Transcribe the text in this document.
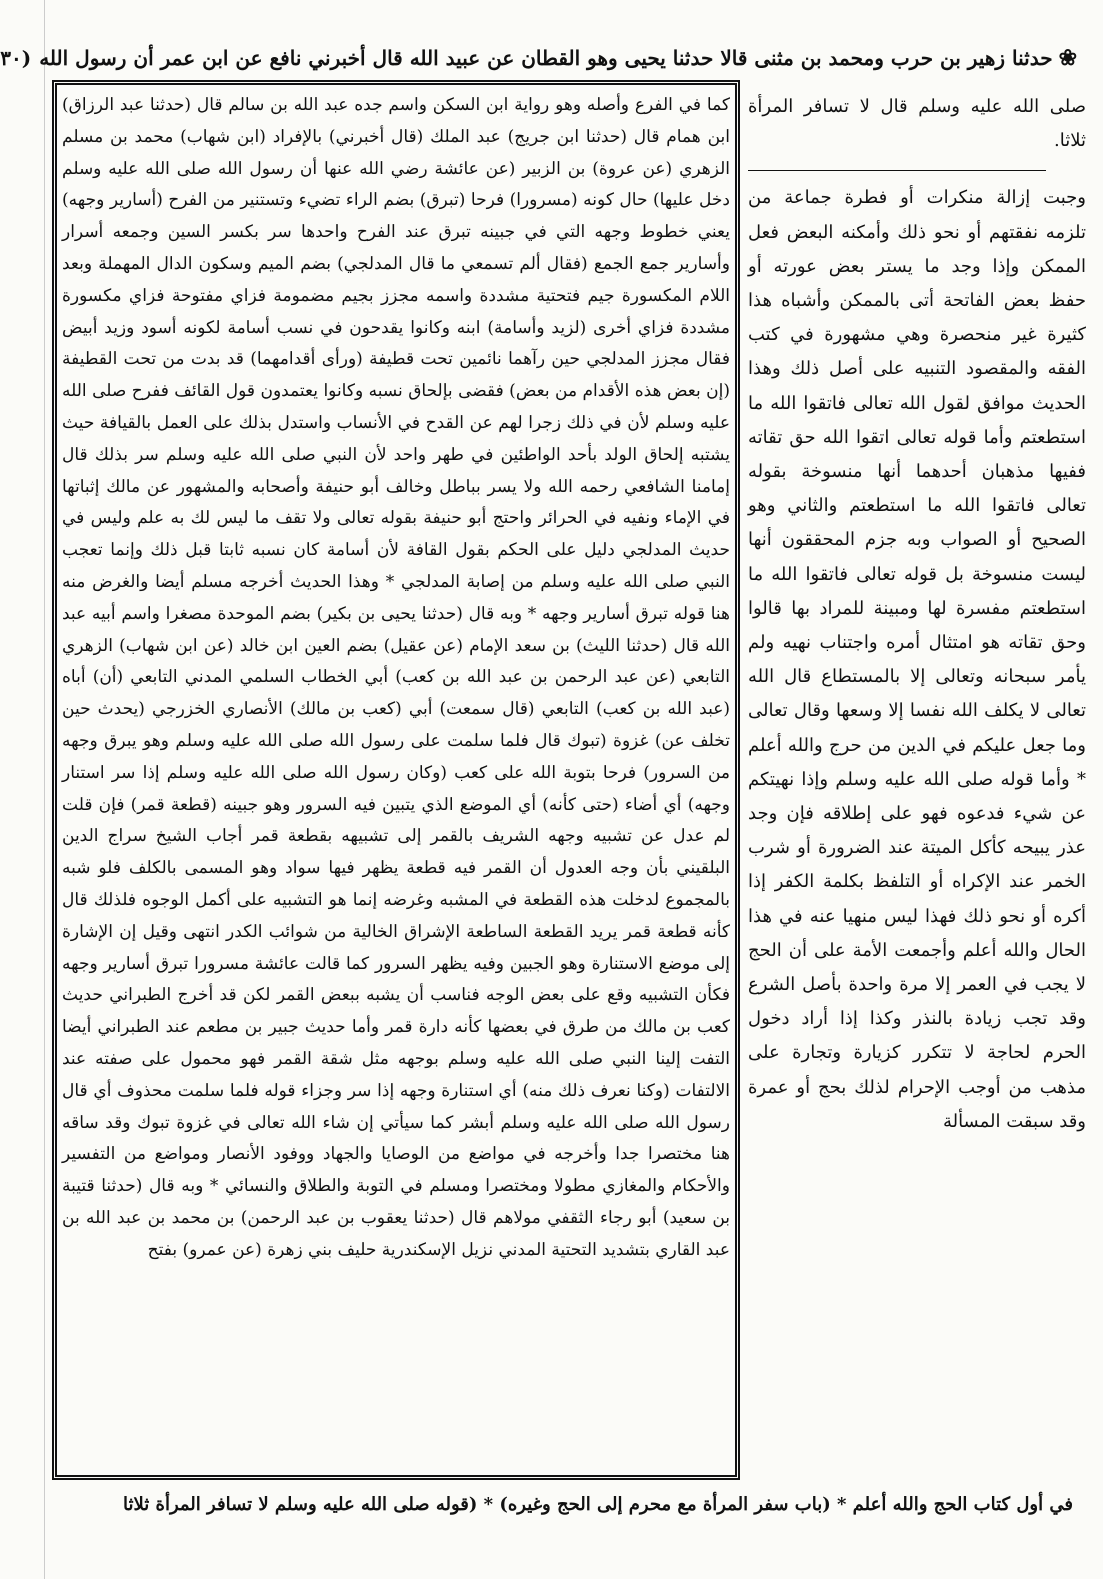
❀
حدثنا زهير بن حرب ومحمد بن مثنى قالا حدثنا يحيى وهو القطان عن عبيد الله قال أخبرني نافع عن ابن عمر أن رسول الله
(٣٠
كما في الفرع وأصله وهو رواية ابن السكن واسم جده عبد الله بن سالم قال (حدثنا عبد الرزاق) ابن همام قال (حدثنا ابن جريج) عبد الملك (قال أخبرني) بالإفراد (ابن شهاب) محمد بن مسلم الزهري (عن عروة) بن الزبير (عن عائشة رضي الله عنها أن رسول الله صلى الله عليه وسلم دخل عليها) حال كونه (مسرورا) فرحا (تبرق) بضم الراء تضيء وتستنير من الفرح (أسارير وجهه) يعني خطوط وجهه التي في جبينه تبرق عند الفرح واحدها سر بكسر السين وجمعه أسرار وأسارير جمع الجمع (فقال ألم تسمعي ما قال المدلجي) بضم الميم وسكون الدال المهملة وبعد اللام المكسورة جيم فتحتية مشددة واسمه مجزز بجيم مضمومة فزاي مفتوحة فزاي مكسورة مشددة فزاي أخرى (لزيد وأسامة) ابنه وكانوا يقدحون في نسب أسامة لكونه أسود وزيد أبيض فقال مجزز المدلجي حين رآهما نائمين تحت قطيفة (ورأى أقدامهما) قد بدت من تحت القطيفة (إن بعض هذه الأقدام من بعض) فقضى بإلحاق نسبه وكانوا يعتمدون قول القائف ففرح صلى الله عليه وسلم لأن في ذلك زجرا لهم عن القدح في الأنساب واستدل بذلك على العمل بالقيافة حيث يشتبه إلحاق الولد بأحد الواطئين في طهر واحد لأن النبي صلى الله عليه وسلم سر بذلك قال إمامنا الشافعي رحمه الله ولا يسر بباطل وخالف أبو حنيفة وأصحابه والمشهور عن مالك إثباتها في الإماء ونفيه في الحرائر واحتج أبو حنيفة بقوله تعالى ولا تقف ما ليس لك به علم وليس في حديث المدلجي دليل على الحكم بقول القافة لأن أسامة كان نسبه ثابتا قبل ذلك وإنما تعجب النبي صلى الله عليه وسلم من إصابة المدلجي * وهذا الحديث أخرجه مسلم أيضا والغرض منه هنا قوله تبرق أسارير وجهه * وبه قال (حدثنا يحيى بن بكير) بضم الموحدة مصغرا واسم أبيه عبد الله قال (حدثنا الليث) بن سعد الإمام (عن عقيل) بضم العين ابن خالد (عن ابن شهاب) الزهري التابعي (عن عبد الرحمن بن عبد الله بن كعب) أبي الخطاب السلمي المدني التابعي (أن) أباه (عبد الله بن كعب) التابعي (قال سمعت) أبي (كعب بن مالك) الأنصاري الخزرجي (يحدث حين تخلف عن) غزوة (تبوك قال فلما سلمت على رسول الله صلى الله عليه وسلم وهو يبرق وجهه من السرور) فرحا بتوبة الله على كعب (وكان رسول الله صلى الله عليه وسلم إذا سر استنار وجهه) أي أضاء (حتى كأنه) أي الموضع الذي يتبين فيه السرور وهو جبينه (قطعة قمر) فإن قلت لم عدل عن تشبيه وجهه الشريف بالقمر إلى تشبيهه بقطعة قمر أجاب الشيخ سراج الدين البلقيني بأن وجه العدول أن القمر فيه قطعة يظهر فيها سواد وهو المسمى بالكلف فلو شبه بالمجموع لدخلت هذه القطعة في المشبه وغرضه إنما هو التشبيه على أكمل الوجوه فلذلك قال كأنه قطعة قمر يريد القطعة الساطعة الإشراق الخالية من شوائب الكدر انتهى وقيل إن الإشارة إلى موضع الاستنارة وهو الجبين وفيه يظهر السرور كما قالت عائشة مسرورا تبرق أسارير وجهه فكأن التشبيه وقع على بعض الوجه فناسب أن يشبه ببعض القمر لكن قد أخرج الطبراني حديث كعب بن مالك من طرق في بعضها كأنه دارة قمر وأما حديث جبير بن مطعم عند الطبراني أيضا التفت إلينا النبي صلى الله عليه وسلم بوجهه مثل شقة القمر فهو محمول على صفته عند الالتفات (وكنا نعرف ذلك منه) أي استنارة وجهه إذا سر وجزاء قوله فلما سلمت محذوف أي قال رسول الله صلى الله عليه وسلم أبشر كما سيأتي إن شاء الله تعالى في غزوة تبوك وقد ساقه هنا مختصرا جدا وأخرجه في مواضع من الوصايا والجهاد ووفود الأنصار ومواضع من التفسير والأحكام والمغازي مطولا ومختصرا ومسلم في التوبة والطلاق والنسائي * وبه قال (حدثنا قتيبة بن سعيد) أبو رجاء الثقفي مولاهم قال (حدثنا يعقوب بن عبد الرحمن) بن محمد بن عبد الله بن عبد القاري بتشديد التحتية المدني نزيل الإسكندرية حليف بني زهرة (عن عمرو) بفتح
صلى الله عليه وسلم قال لا تسافر المرأة ثلاثا.
وجبت إزالة منكرات أو فطرة جماعة من تلزمه نفقتهم أو نحو ذلك وأمكنه البعض فعل الممكن وإذا وجد ما يستر بعض عورته أو حفظ بعض الفاتحة أتى بالممكن وأشباه هذا كثيرة غير منحصرة وهي مشهورة في كتب الفقه والمقصود التنبيه على أصل ذلك وهذا الحديث موافق لقول الله تعالى فاتقوا الله ما استطعتم وأما قوله تعالى اتقوا الله حق تقاته ففيها مذهبان أحدهما أنها منسوخة بقوله تعالى فاتقوا الله ما استطعتم والثاني وهو الصحيح أو الصواب وبه جزم المحققون أنها ليست منسوخة بل قوله تعالى فاتقوا الله ما استطعتم مفسرة لها ومبينة للمراد بها قالوا وحق تقاته هو امتثال أمره واجتناب نهيه ولم يأمر سبحانه وتعالى إلا بالمستطاع قال الله تعالى لا يكلف الله نفسا إلا وسعها وقال تعالى وما جعل عليكم في الدين من حرج والله أعلم * وأما قوله صلى الله عليه وسلم وإذا نهيتكم عن شيء فدعوه فهو على إطلاقه فإن وجد عذر يبيحه كأكل الميتة عند الضرورة أو شرب الخمر عند الإكراه أو التلفظ بكلمة الكفر إذا أكره أو نحو ذلك فهذا ليس منهيا عنه في هذا الحال والله أعلم وأجمعت الأمة على أن الحج لا يجب في العمر إلا مرة واحدة بأصل الشرع وقد تجب زيادة بالنذر وكذا إذا أراد دخول الحرم لحاجة لا تتكرر كزيارة وتجارة على مذهب من أوجب الإحرام لذلك بحج أو عمرة وقد سبقت المسألة
في أول كتاب الحج والله أعلم * (باب سفر المرأة مع محرم إلى الحج وغيره) * (قوله صلى الله عليه وسلم لا تسافر المرأة ثلاثا
